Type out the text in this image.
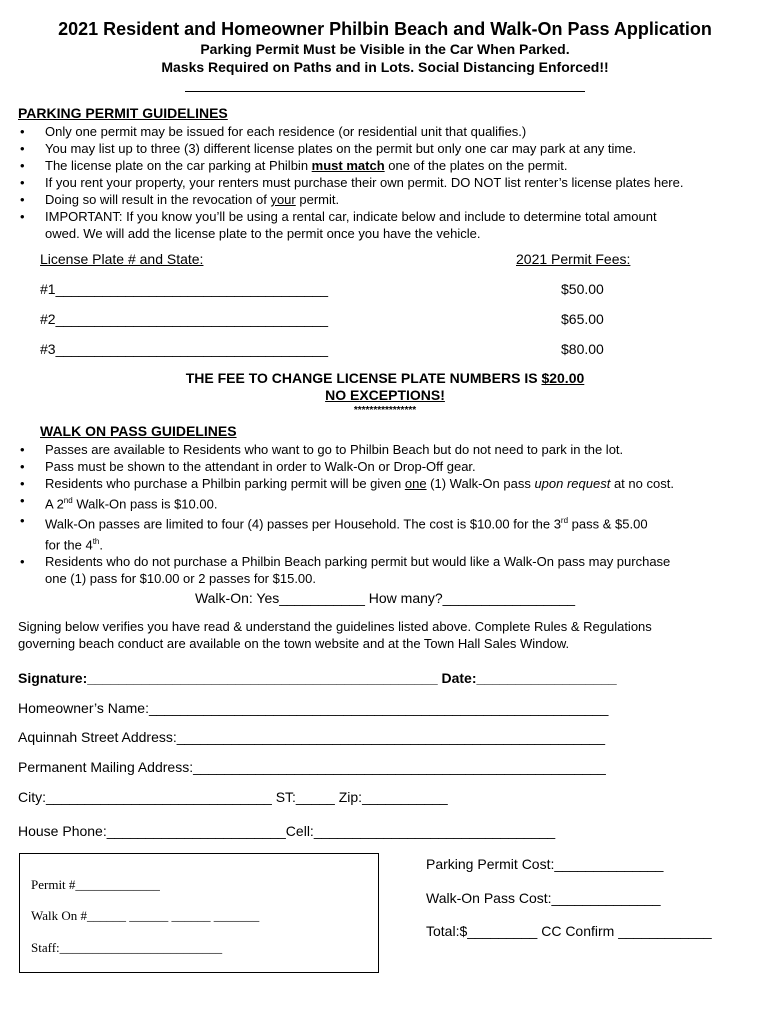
2021 Resident and Homeowner Philbin Beach and Walk-On Pass Application
Parking Permit Must be Visible in the Car When Parked.
Masks Required on Paths and in Lots. Social Distancing Enforced!!
PARKING PERMIT GUIDELINES
• Only one permit may be issued for each residence (or residential unit that qualifies.)
• You may list up to three (3) different license plates on the permit but only one car may park at any time.
• The license plate on the car parking at Philbin must match one of the plates on the permit.
• If you rent your property, your renters must purchase their own permit. DO NOT list renter’s license plates here.
• Doing so will result in the revocation of your permit.
• IMPORTANT: If you know you’ll be using a rental car, indicate below and include to determine total amount
owed. We will add the license plate to the permit once you have the vehicle.
License Plate # and State:	2021 Permit Fees:
#1___________________________________	$50.00
#2___________________________________	$65.00
#3___________________________________	$80.00
THE FEE TO CHANGE LICENSE PLATE NUMBERS IS $20.00
NO EXCEPTIONS!
****************
WALK ON PASS GUIDELINES
• Passes are available to Residents who want to go to Philbin Beach but do not need to park in the lot.
• Pass must be shown to the attendant in order to Walk-On or Drop-Off gear.
• Residents who purchase a Philbin parking permit will be given one (1) Walk-On pass upon request at no cost.
• A 2nd Walk-On pass is $10.00.
• Walk-On passes are limited to four (4) passes per Household. The cost is $10.00 for the 3rd pass & $5.00
for the 4th.
• Residents who do not purchase a Philbin Beach parking permit but would like a Walk-On pass may purchase
one (1) pass for $10.00 or 2 passes for $15.00.
Walk-On: Yes___________ How many?_________________
Signing below verifies you have read & understand the guidelines listed above. Complete Rules & Regulations
governing beach conduct are available on the town website and at the Town Hall Sales Window.
Signature:_____________________________________________ Date:__________________
Homeowner’s Name:___________________________________________________________
Aquinnah Street Address:_______________________________________________________
Permanent Mailing Address:_____________________________________________________
City:_____________________________ ST:_____ Zip:___________
House Phone:_______________________Cell:_______________________________
Permit #_____________
Walk On #______ ______ ______ _______
Staff:_________________________
Parking Permit Cost:______________
Walk-On Pass Cost:______________
Total:$_________ CC Confirm ____________
